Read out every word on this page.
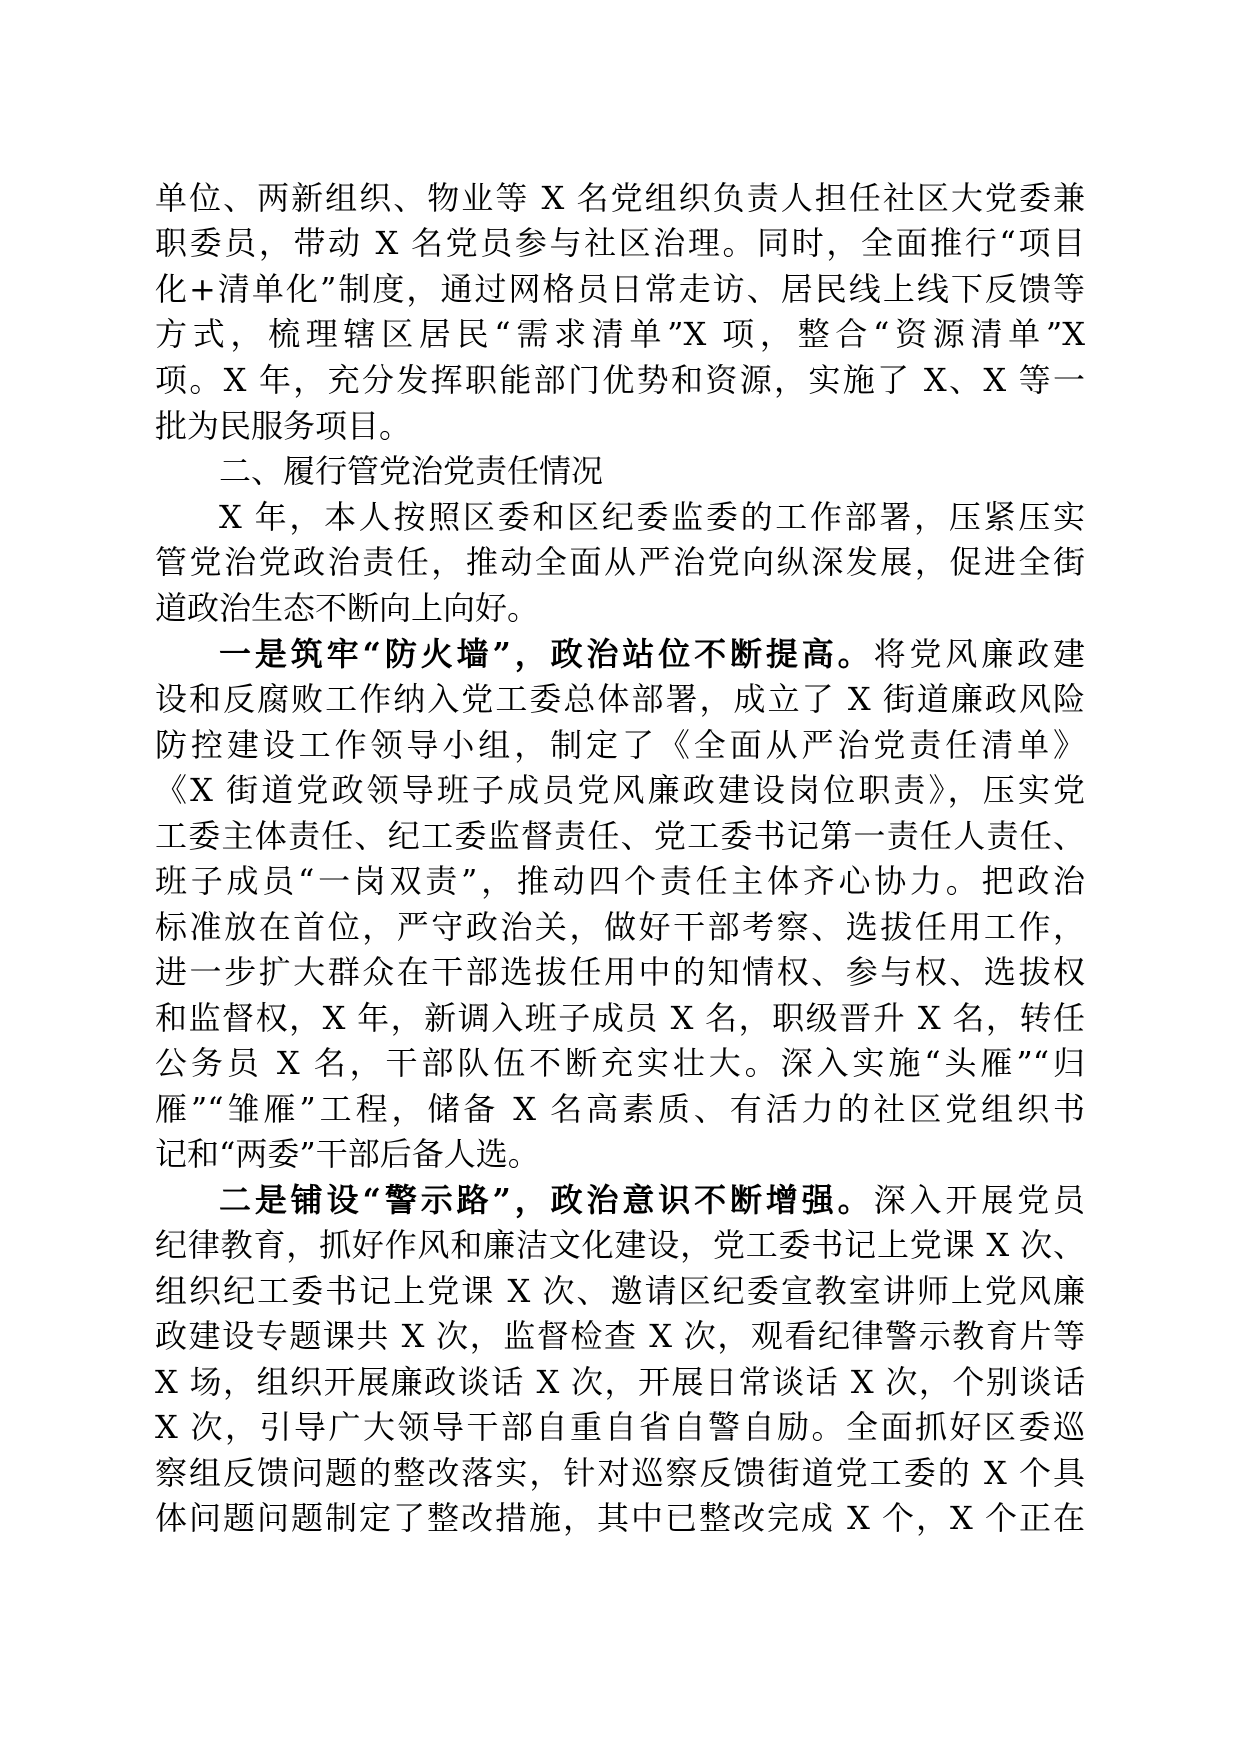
单位、两新组织、物业等 X 名党组织负责人担任社区大党委兼
职委员，带动 X 名党员参与社区治理。同时，全面推行“项目
化+清单化”制度，通过网格员日常走访、居民线上线下反馈等
方式，梳理辖区居民“需求清单”X 项，整合“资源清单”X
项。X 年，充分发挥职能部门优势和资源，实施了 X、X 等一
批为民服务项目。
二、履行管党治党责任情况
X 年，本人按照区委和区纪委监委的工作部署，压紧压实
管党治党政治责任，推动全面从严治党向纵深发展，促进全街
道政治生态不断向上向好。
一是筑牢“防火墙”，政治站位不断提高。将党风廉政建
设和反腐败工作纳入党工委总体部署，成立了 X 街道廉政风险
防控建设工作领导小组，制定了《全面从严治党责任清单》
《X 街道党政领导班子成员党风廉政建设岗位职责》，压实党
工委主体责任、纪工委监督责任、党工委书记第一责任人责任、
班子成员“一岗双责”，推动四个责任主体齐心协力。把政治
标准放在首位，严守政治关，做好干部考察、选拔任用工作，
进一步扩大群众在干部选拔任用中的知情权、参与权、选拔权
和监督权，X 年，新调入班子成员 X 名，职级晋升 X 名，转任
公务员 X 名，干部队伍不断充实壮大。深入实施“头雁”“归
雁”“雏雁”工程，储备 X 名高素质、有活力的社区党组织书
记和“两委”干部后备人选。
二是铺设“警示路”，政治意识不断增强。深入开展党员
纪律教育，抓好作风和廉洁文化建设，党工委书记上党课 X 次、
组织纪工委书记上党课 X 次、邀请区纪委宣教室讲师上党风廉
政建设专题课共 X 次，监督检查 X 次，观看纪律警示教育片等
X 场，组织开展廉政谈话 X 次，开展日常谈话 X 次，个别谈话
X 次，引导广大领导干部自重自省自警自励。全面抓好区委巡
察组反馈问题的整改落实，针对巡察反馈街道党工委的 X 个具
体问题问题制定了整改措施，其中已整改完成 X 个，X 个正在
